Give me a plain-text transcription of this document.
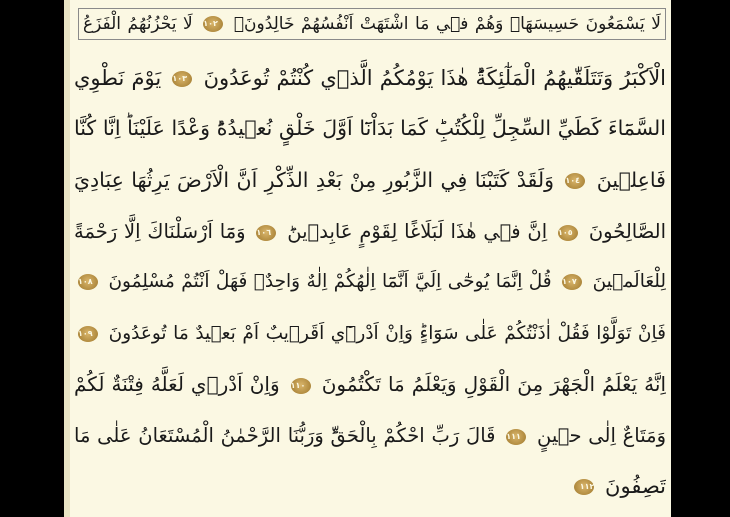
لَا يَسْمَعُونَ حَسِيسَهَاۚ وَهُمْ فٖي مَا اشْتَهَتْ اَنْفُسُهُمْ خَالِدُونَۚ ١٠٢ لَا يَحْزُنُهُمُ الْفَزَعُ
الْاَكْبَرُ وَتَتَلَقّٰيهُمُ الْمَلٰٓئِكَةُؕ هٰذَا يَوْمُكُمُ الَّذٖي كُنْتُمْ تُوعَدُونَ ١٠٣ يَوْمَ نَطْوِي
السَّمَٓاءَ كَطَيِّ السِّجِلِّ لِلْكُتُبِؕ كَمَا بَدَاْنَٓا اَوَّلَ خَلْقٍ نُعٖيدُهُؕ وَعْدًا عَلَيْنَاؕ اِنَّا كُنَّا
فَاعِلٖينَ ١٠٤ وَلَقَدْ كَتَبْنَا فِي الزَّبُورِ مِنْ بَعْدِ الذِّكْرِ اَنَّ الْاَرْضَ يَرِثُهَا عِبَادِيَ
الصَّالِحُونَ ١٠٥ اِنَّ فٖي هٰذَا لَبَلَاغًا لِقَوْمٍ عَابِدٖينَؕ ١٠٦ وَمَٓا اَرْسَلْنَاكَ اِلَّا رَحْمَةً
لِلْعَالَمٖينَ ١٠٧ قُلْ اِنَّمَا يُوحٰٓى اِلَيَّ اَنَّمَٓا اِلٰهُكُمْ اِلٰهٌ وَاحِدٌۚ فَهَلْ اَنْتُمْ مُسْلِمُونَ ١٠٨
فَاِنْ تَوَلَّوْا فَقُلْ اٰذَنْتُكُمْ عَلٰى سَوَٓاءٍؕ وَاِنْ اَدْرٖٓي اَقَرٖيبٌ اَمْ بَعٖيدٌ مَا تُوعَدُونَ ١٠٩
اِنَّهُ يَعْلَمُ الْجَهْرَ مِنَ الْقَوْلِ وَيَعْلَمُ مَا تَكْتُمُونَ ١١٠ وَاِنْ اَدْرٖي لَعَلَّهُ فِتْنَةٌ لَكُمْ
وَمَتَاعٌ اِلٰى حٖينٍ ١١١ قَالَ رَبِّ احْكُمْ بِالْحَقِّؕ وَرَبُّنَا الرَّحْمٰنُ الْمُسْتَعَانُ عَلٰى مَا
تَصِفُونَ ١١٢
